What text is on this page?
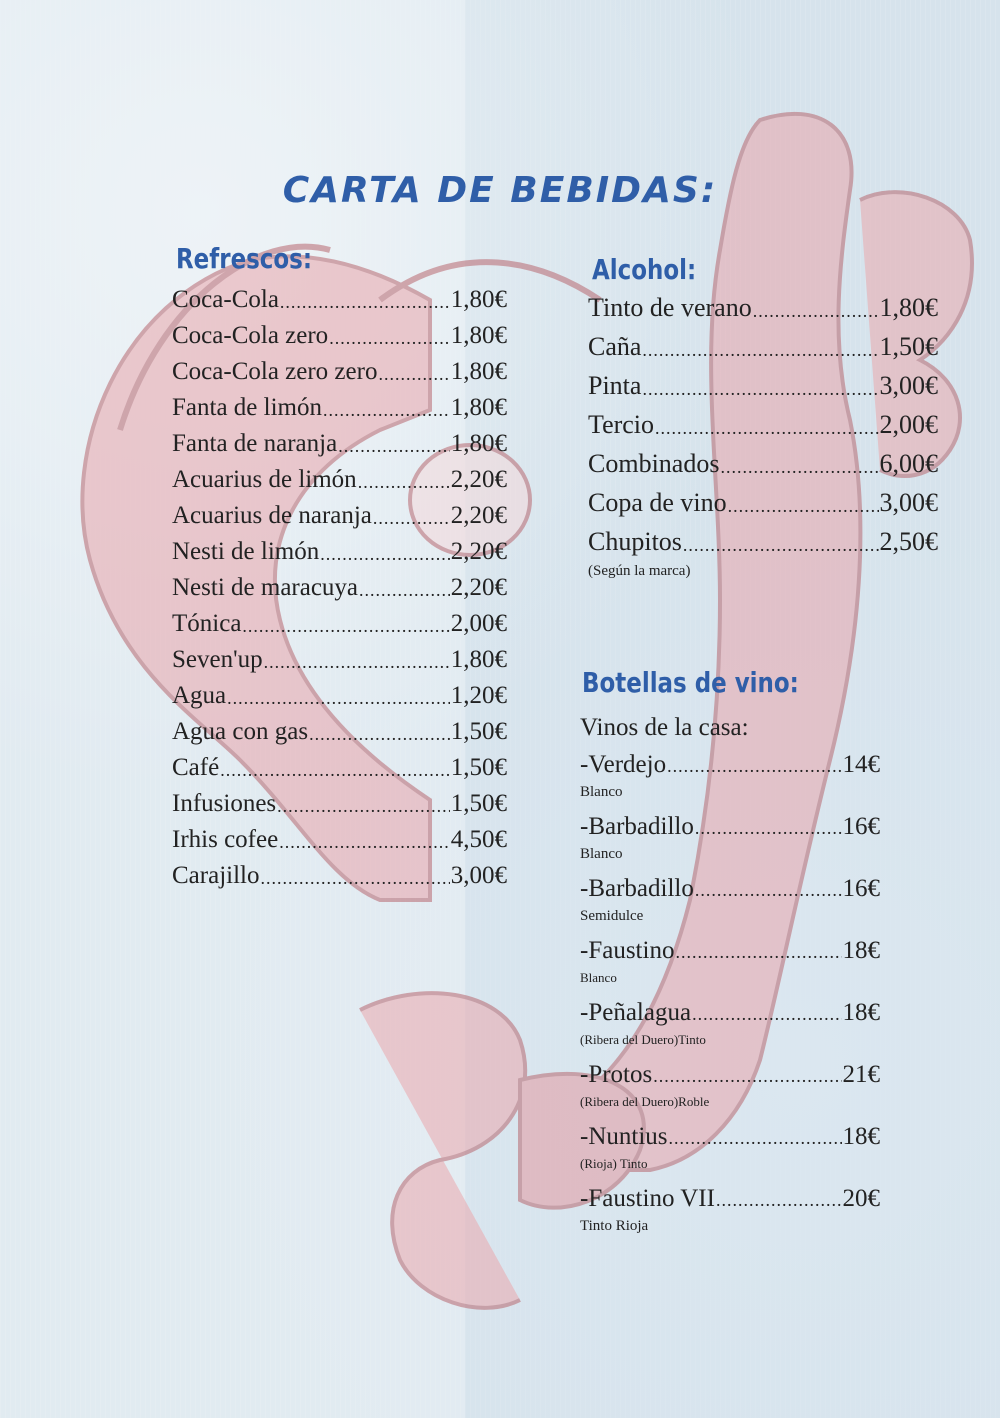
CARTA DE BEBIDAS:
Refrescos:
Coca-Cola .....	1,80€
Coca-Cola zero .....	1,80€
Coca-Cola zero zero .....	1,80€
Fanta de limón .....	1,80€
Fanta de naranja .....	1,80€
Acuarius de limón .....	2,20€
Acuarius de naranja .....	2,20€
Nesti de limón .....	2,20€
Nesti de maracuya .....	2,20€
Tónica .....	2,00€
Seven'up .....	1,80€
Agua .....	1,20€
Agua con gas .....	1,50€
Café .....	1,50€
Infusiones .....	1,50€
Irhis cofee .....	4,50€
Carajillo .....	3,00€
Alcohol:
Tinto de verano .....	1,80€
Caña .....	1,50€
Pinta .....	3,00€
Tercio .....	2,00€
Combinados .....	6,00€
Copa de vino .....	3,00€
Chupitos .....	2,50€
(Según la marca)
Botellas de vino:
Vinos de la casa:
-Verdejo .....	14€
Blanco
-Barbadillo .....	16€
Blanco
-Barbadillo .....	16€
Semidulce
-Faustino .....	18€
Blanco
-Peñalagua .....	18€
(Ribera del Duero)Tinto
-Protos .....	21€
(Ribera del Duero)Roble
-Nuntius .....	18€
(Rioja) Tinto
-Faustino VII .....	20€
Tinto Rioja
